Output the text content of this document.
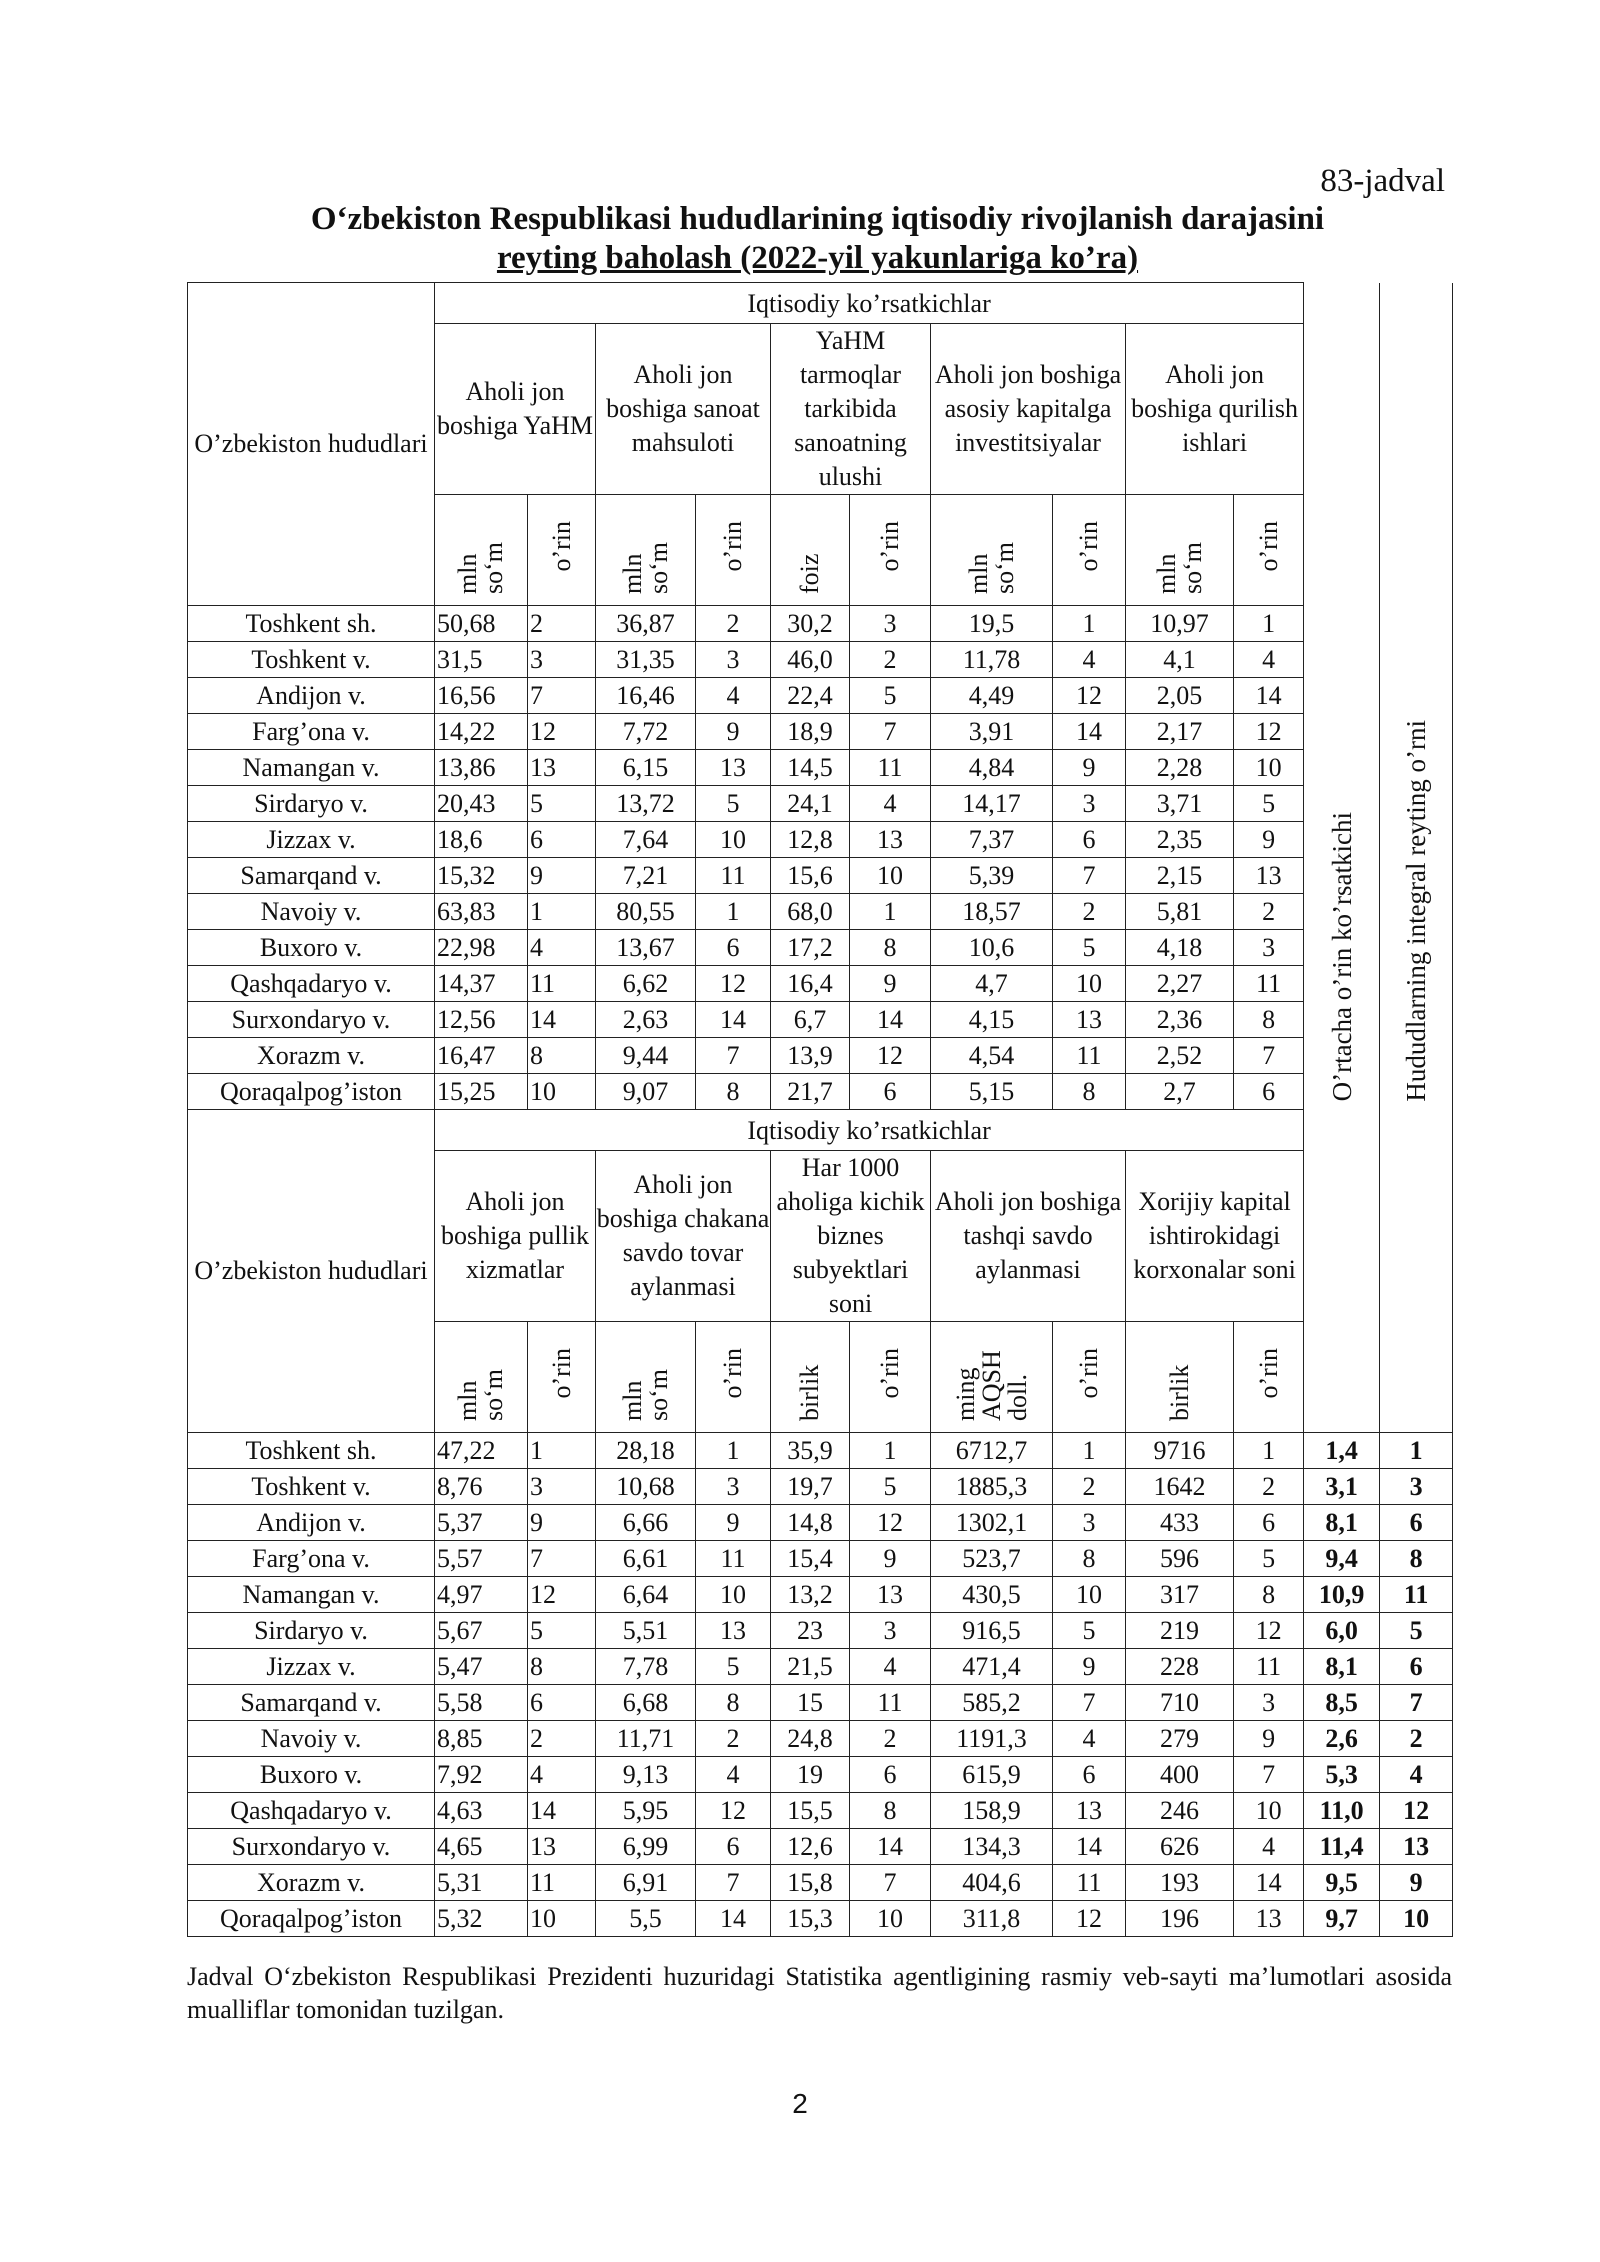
83-jadval
O‘zbekiston Respublikasi hududlarining iqtisodiy rivojlanish darajasini
reyting baholash (2022-yil yakunlariga ko’ra)
O’zbekiston hududlari	Iqtisodiy ko’rsatkichlar										O’rtacha o’rin ko’rsatkichi	Hududlarning integral reyting o’rni
	Aholi jon boshiga YaHM		Aholi jon boshiga sanoat mahsuloti		YaHM tarmoqlar tarkibida sanoatning ulushi		Aholi jon boshiga asosiy kapitalga investitsiyalar		Aholi jon boshiga qurilish ishlari			
	mln so‘m	o’rin	mln so‘m	o’rin	foiz	o’rin	mln so‘m	o’rin	mln so‘m	o’rin		
Toshkent sh.	50,68	2	36,87	2	30,2	3	19,5	1	10,97	1		
Toshkent v.	31,5	3	31,35	3	46,0	2	11,78	4	4,1	4		
Andijon v.	16,56	7	16,46	4	22,4	5	4,49	12	2,05	14		
Farg’ona v.	14,22	12	7,72	9	18,9	7	3,91	14	2,17	12		
Namangan v.	13,86	13	6,15	13	14,5	11	4,84	9	2,28	10		
Sirdaryo v.	20,43	5	13,72	5	24,1	4	14,17	3	3,71	5		
Jizzax v.	18,6	6	7,64	10	12,8	13	7,37	6	2,35	9		
Samarqand v.	15,32	9	7,21	11	15,6	10	5,39	7	2,15	13		
Navoiy v.	63,83	1	80,55	1	68,0	1	18,57	2	5,81	2		
Buxoro v.	22,98	4	13,67	6	17,2	8	10,6	5	4,18	3		
Qashqadaryo v.	14,37	11	6,62	12	16,4	9	4,7	10	2,27	11		
Surxondaryo v.	12,56	14	2,63	14	6,7	14	4,15	13	2,36	8		
Xorazm v.	16,47	8	9,44	7	13,9	12	4,54	11	2,52	7		
Qoraqalpog’iston	15,25	10	9,07	8	21,7	6	5,15	8	2,7	6		
O’zbekiston hududlari	Iqtisodiy ko’rsatkichlar											
	Aholi jon boshiga pullik xizmatlar		Aholi jon boshiga chakana savdo tovar aylanmasi		Har 1000 aholiga kichik biznes subyektlari soni		Aholi jon boshiga tashqi savdo aylanmasi		Xorijiy kapital ishtirokidagi korxonalar soni			
	mln so‘m	o’rin	mln so‘m	o’rin	birlik	o’rin	ming AQSH doll.	o’rin	birlik	o’rin		
Toshkent sh.	47,22	1	28,18	1	35,9	1	6712,7	1	9716	1	1,4	1
Toshkent v.	8,76	3	10,68	3	19,7	5	1885,3	2	1642	2	3,1	3
Andijon v.	5,37	9	6,66	9	14,8	12	1302,1	3	433	6	8,1	6
Farg’ona v.	5,57	7	6,61	11	15,4	9	523,7	8	596	5	9,4	8
Namangan v.	4,97	12	6,64	10	13,2	13	430,5	10	317	8	10,9	11
Sirdaryo v.	5,67	5	5,51	13	23	3	916,5	5	219	12	6,0	5
Jizzax v.	5,47	8	7,78	5	21,5	4	471,4	9	228	11	8,1	6
Samarqand v.	5,58	6	6,68	8	15	11	585,2	7	710	3	8,5	7
Navoiy v.	8,85	2	11,71	2	24,8	2	1191,3	4	279	9	2,6	2
Buxoro v.	7,92	4	9,13	4	19	6	615,9	6	400	7	5,3	4
Qashqadaryo v.	4,63	14	5,95	12	15,5	8	158,9	13	246	10	11,0	12
Surxondaryo v.	4,65	13	6,99	6	12,6	14	134,3	14	626	4	11,4	13
Xorazm v.	5,31	11	6,91	7	15,8	7	404,6	11	193	14	9,5	9
Qoraqalpog’iston	5,32	10	5,5	14	15,3	10	311,8	12	196	13	9,7	10
Jadval O‘zbekiston Respublikasi Prezidenti huzuridagi Statistika agentligining rasmiy veb-sayti ma’lumotlari asosida mualliflar tomonidan tuzilgan.
2
